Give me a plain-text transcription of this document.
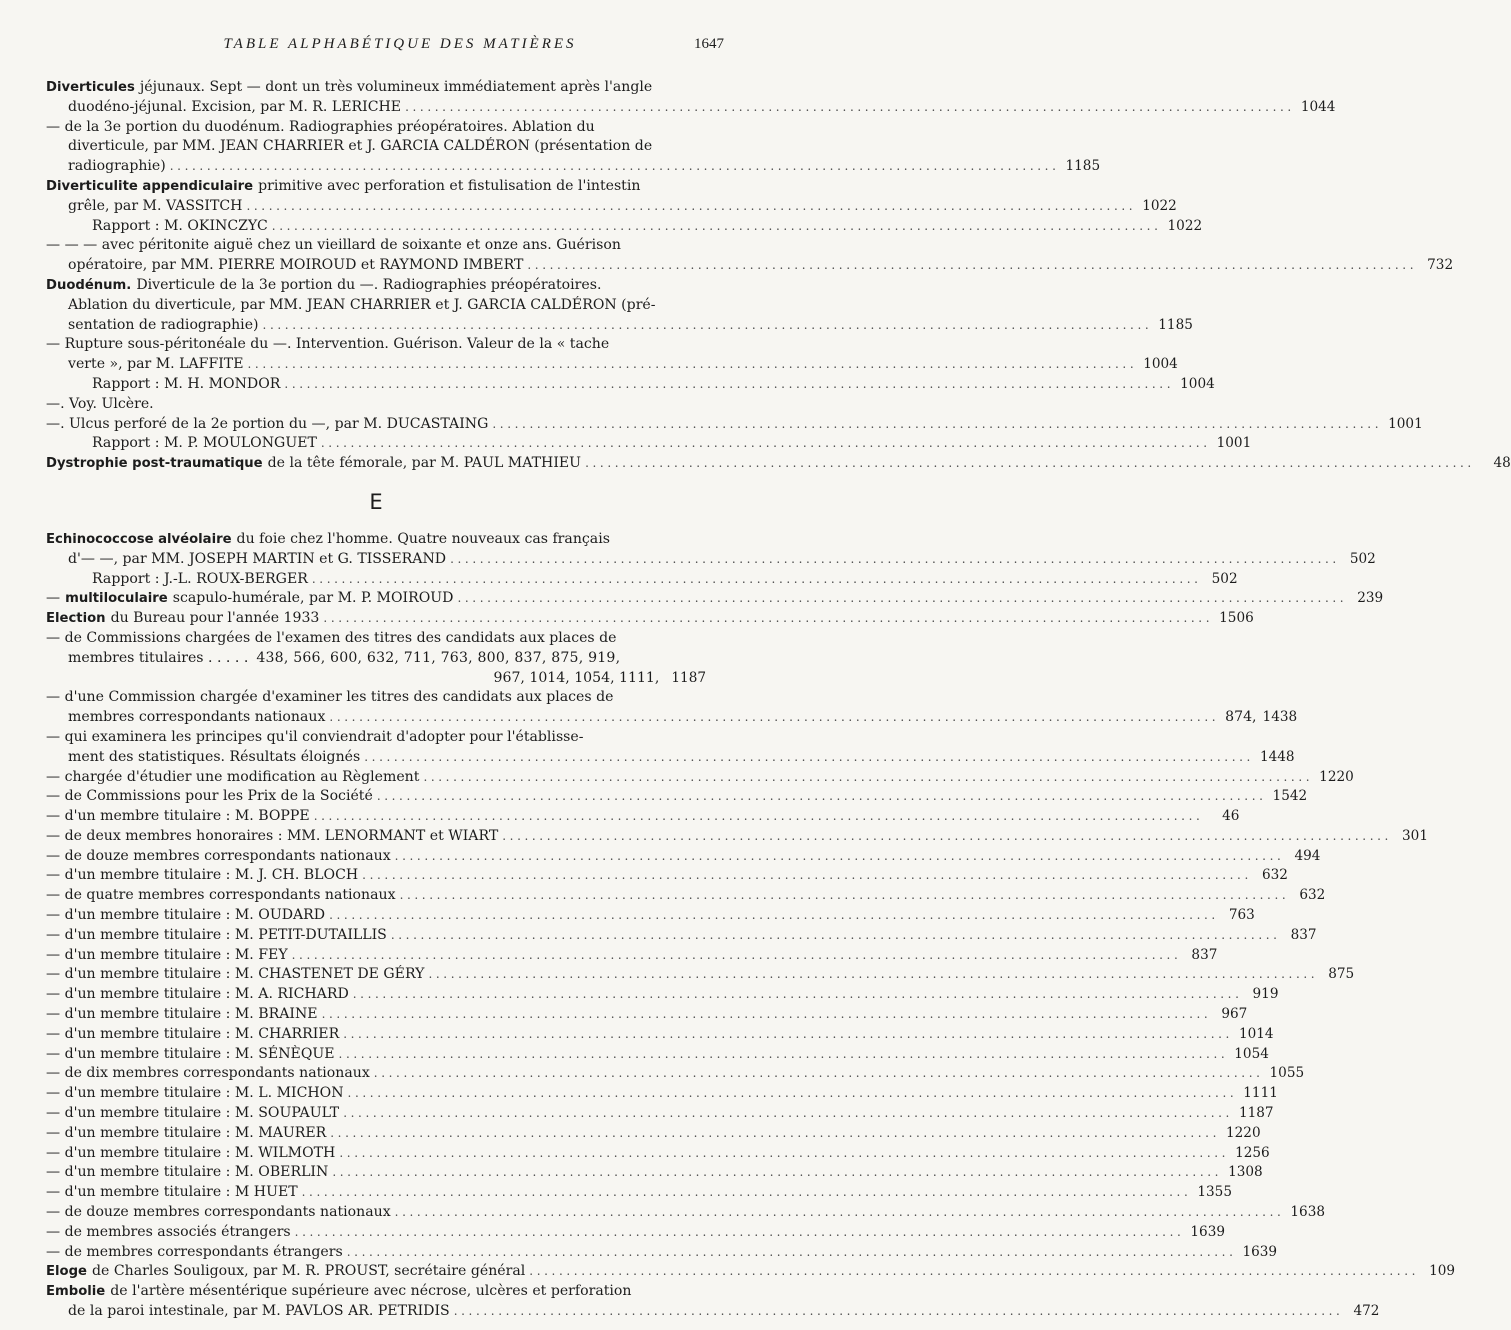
TABLE ALPHABÉTIQUE DES MATIÈRES	1647
Diverticules jéjunaux. Sept — dont un très volumineux immédiatement après l'angle
duodéno-jéjunal. Excision, par M. R. LERICHE ........................................................................................................................ 1044
— de la 3e portion du duodénum. Radiographies préopératoires. Ablation du
diverticule, par MM. JEAN CHARRIER et J. GARCIA CALDÉRON (présentation de
radiographie) ........................................................................................................................ 1185
Diverticulite appendiculaire primitive avec perforation et fistulisation de l'intestin
grêle, par M. VASSITCH ........................................................................................................................ 1022
Rapport : M. OKINCZYC ........................................................................................................................ 1022
— — — avec péritonite aiguë chez un vieillard de soixante et onze ans. Guérison
opératoire, par MM. PIERRE MOIROUD et RAYMOND IMBERT ........................................................................................................................ 732
Duodénum. Diverticule de la 3e portion du —. Radiographies préopératoires.
Ablation du diverticule, par MM. JEAN CHARRIER et J. GARCIA CALDÉRON (pré-
sentation de radiographie) ........................................................................................................................ 1185
— Rupture sous-péritonéale du —. Intervention. Guérison. Valeur de la « tache
verte », par M. LAFFITE ........................................................................................................................ 1004
Rapport : M. H. MONDOR ........................................................................................................................ 1004
—. Voy. Ulcère.
—. Ulcus perforé de la 2e portion du —, par M. DUCASTAING ........................................................................................................................ 1001
Rapport : M. P. MOULONGUET ........................................................................................................................ 1001
Dystrophie post-traumatique de la tête fémorale, par M. PAUL MATHIEU ........................................................................................................................	48
E
Echinococcose alvéolaire du foie chez l'homme. Quatre nouveaux cas français
d'— —, par MM. JOSEPH MARTIN et G. TISSERAND ........................................................................................................................ 502
Rapport : J.-L. ROUX-BERGER ........................................................................................................................ 502
— multiloculaire scapulo-humérale, par M. P. MOIROUD ........................................................................................................................ 239
Election du Bureau pour l'année 1933 ........................................................................................................................ 1506
— de Commissions chargées de l'examen des titres des candidats aux places de
membres titulaires . . . . . 438, 566, 600, 632, 711, 763, 800, 837, 875, 919,
967, 1014, 1054, 1111, 1187
— d'une Commission chargée d'examiner les titres des candidats aux places de
membres correspondants nationaux ........................................................................................................................ 874, 1438
— qui examinera les principes qu'il conviendrait d'adopter pour l'établisse-
ment des statistiques. Résultats éloignés ........................................................................................................................ 1448
— chargée d'étudier une modification au Règlement ........................................................................................................................ 1220
— de Commissions pour les Prix de la Société ........................................................................................................................ 1542
— d'un membre titulaire : M. BOPPE ........................................................................................................................	46
— de deux membres honoraires : MM. LENORMANT et WIART ........................................................................................................................ 301
— de douze membres correspondants nationaux ........................................................................................................................ 494
— d'un membre titulaire : M. J. CH. BLOCH ........................................................................................................................ 632
— de quatre membres correspondants nationaux ........................................................................................................................ 632
— d'un membre titulaire : M. OUDARD ........................................................................................................................ 763
— d'un membre titulaire : M. PETIT-DUTAILLIS ........................................................................................................................ 837
— d'un membre titulaire : M. FEY ........................................................................................................................ 837
— d'un membre titulaire : M. CHASTENET DE GÉRY ........................................................................................................................ 875
— d'un membre titulaire : M. A. RICHARD ........................................................................................................................ 919
— d'un membre titulaire : M. BRAINE ........................................................................................................................ 967
— d'un membre titulaire : M. CHARRIER ........................................................................................................................ 1014
— d'un membre titulaire : M. SÉNÈQUE ........................................................................................................................ 1054
— de dix membres correspondants nationaux ........................................................................................................................ 1055
— d'un membre titulaire : M. L. MICHON ........................................................................................................................ 1111
— d'un membre titulaire : M. SOUPAULT ........................................................................................................................ 1187
— d'un membre titulaire : M. MAURER ........................................................................................................................ 1220
— d'un membre titulaire : M. WILMOTH ........................................................................................................................ 1256
— d'un membre titulaire : M. OBERLIN ........................................................................................................................ 1308
— d'un membre titulaire : M HUET ........................................................................................................................ 1355
— de douze membres correspondants nationaux ........................................................................................................................ 1638
— de membres associés étrangers ........................................................................................................................ 1639
— de membres correspondants étrangers ........................................................................................................................ 1639
Eloge de Charles Souligoux, par M. R. PROUST, secrétaire général ........................................................................................................................ 109
Embolie de l'artère mésentérique supérieure avec nécrose, ulcères et perforation
de la paroi intestinale, par M. PAVLOS AR. PETRIDIS ........................................................................................................................ 472
